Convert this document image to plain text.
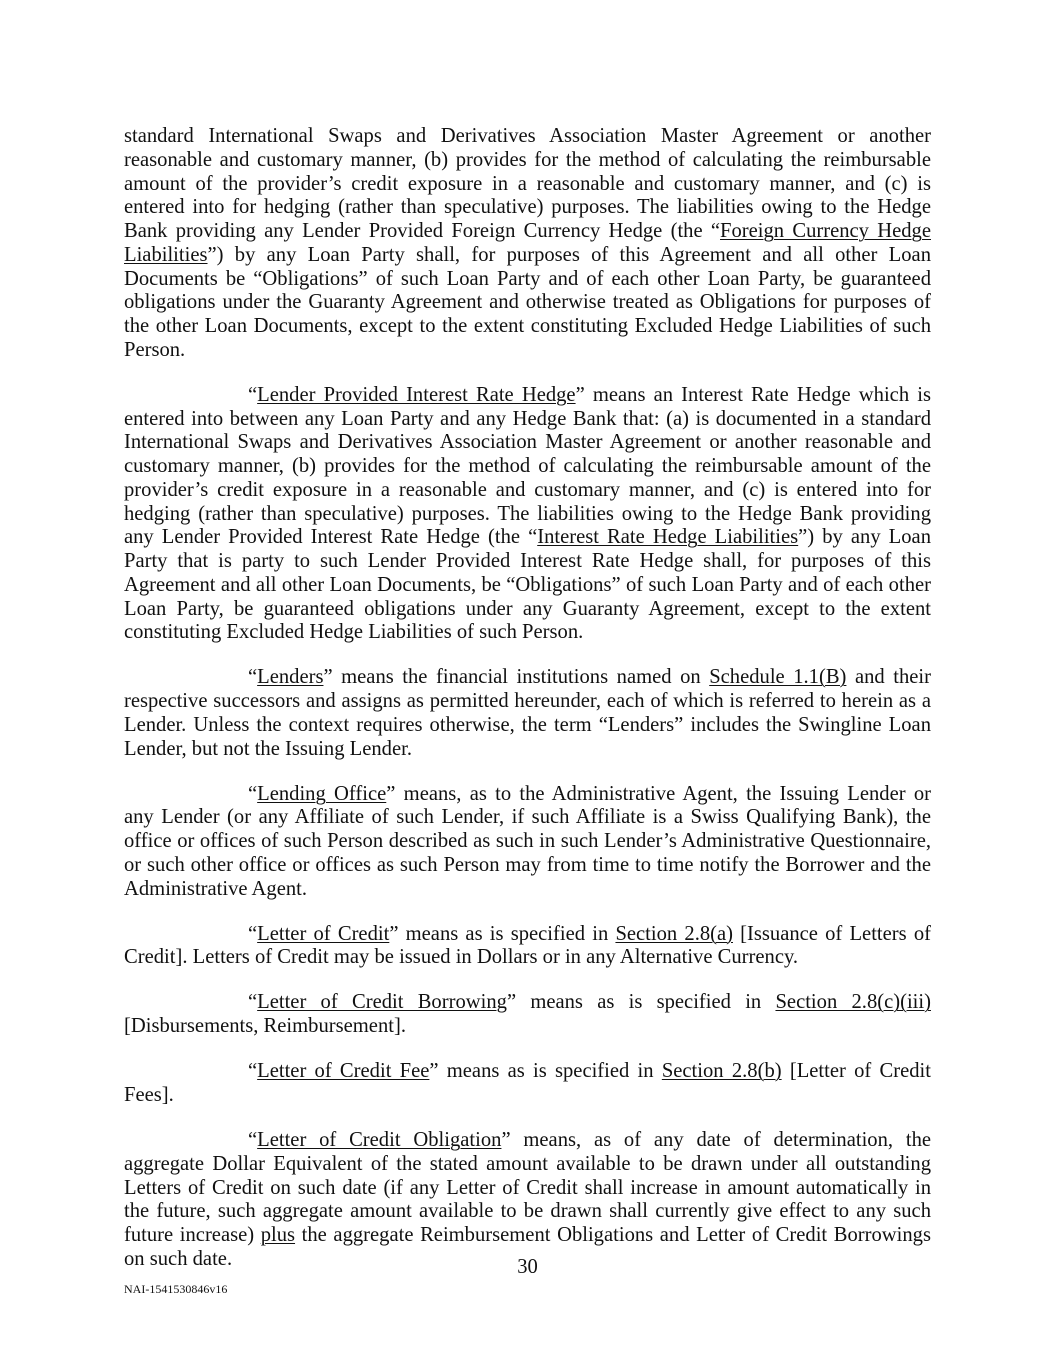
standard International Swaps and Derivatives Association Master Agreement or another reasonable and customary manner, (b) provides for the method of calculating the reimbursable amount of the provider’s credit exposure in a reasonable and customary manner, and (c) is entered into for hedging (rather than speculative) purposes. The liabilities owing to the Hedge Bank providing any Lender Provided Foreign Currency Hedge (the “Foreign Currency Hedge Liabilities”) by any Loan Party shall, for purposes of this Agreement and all other Loan Documents be “Obligations” of such Loan Party and of each other Loan Party, be guaranteed obligations under the Guaranty Agreement and otherwise treated as Obligations for purposes of the other Loan Documents, except to the extent constituting Excluded Hedge Liabilities of such Person.

“Lender Provided Interest Rate Hedge” means an Interest Rate Hedge which is entered into between any Loan Party and any Hedge Bank that: (a) is documented in a standard International Swaps and Derivatives Association Master Agreement or another reasonable and customary manner, (b) provides for the method of calculating the reimbursable amount of the provider’s credit exposure in a reasonable and customary manner, and (c) is entered into for hedging (rather than speculative) purposes. The liabilities owing to the Hedge Bank providing any Lender Provided Interest Rate Hedge (the “Interest Rate Hedge Liabilities”) by any Loan Party that is party to such Lender Provided Interest Rate Hedge shall, for purposes of this Agreement and all other Loan Documents, be “Obligations” of such Loan Party and of each other Loan Party, be guaranteed obligations under any Guaranty Agreement, except to the extent constituting Excluded Hedge Liabilities of such Person.

“Lenders” means the financial institutions named on Schedule 1.1(B) and their respective successors and assigns as permitted hereunder, each of which is referred to herein as a Lender. Unless the context requires otherwise, the term “Lenders” includes the Swingline Loan Lender, but not the Issuing Lender.

“Lending Office” means, as to the Administrative Agent, the Issuing Lender or any Lender (or any Affiliate of such Lender, if such Affiliate is a Swiss Qualifying Bank), the office or offices of such Person described as such in such Lender’s Administrative Questionnaire, or such other office or offices as such Person may from time to time notify the Borrower and the Administrative Agent.

“Letter of Credit” means as is specified in Section 2.8(a) [Issuance of Letters of Credit]. Letters of Credit may be issued in Dollars or in any Alternative Currency.

“Letter of Credit Borrowing” means as is specified in Section 2.8(c)(iii) [Disbursements, Reimbursement].

“Letter of Credit Fee” means as is specified in Section 2.8(b) [Letter of Credit Fees].

“Letter of Credit Obligation” means, as of any date of determination, the aggregate Dollar Equivalent of the stated amount available to be drawn under all outstanding Letters of Credit on such date (if any Letter of Credit shall increase in amount automatically in the future, such aggregate amount available to be drawn shall currently give effect to any such future increase) plus the aggregate Reimbursement Obligations and Letter of Credit Borrowings on such date.	30
NAI-1541530846v16
